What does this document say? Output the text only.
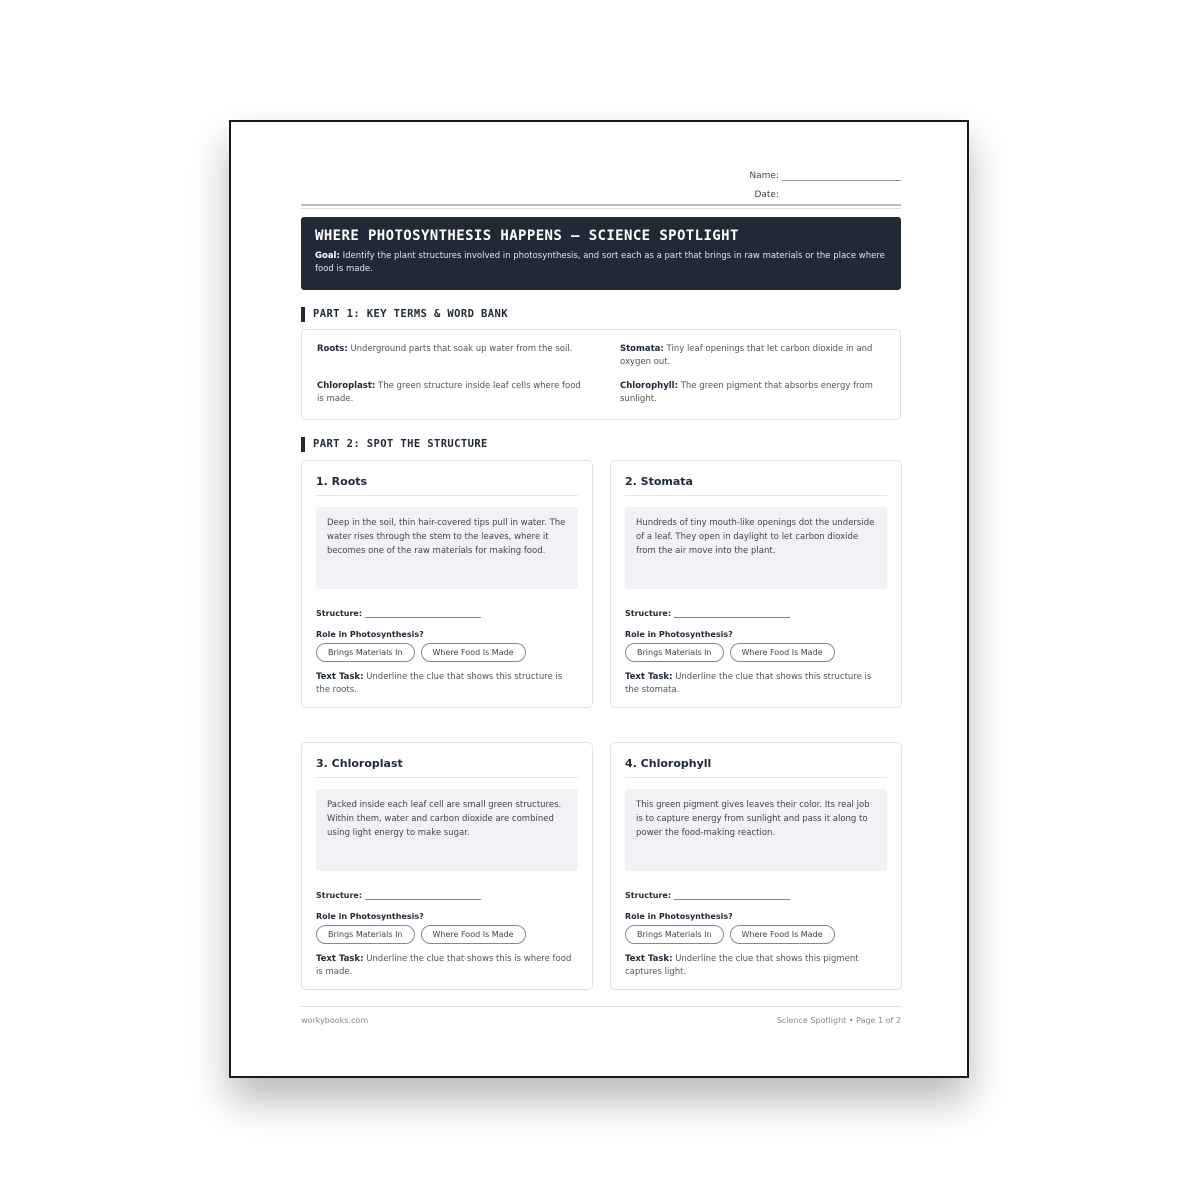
Name:
Date:
WHERE PHOTOSYNTHESIS HAPPENS — SCIENCE SPOTLIGHT
Goal: Identify the plant structures involved in photosynthesis, and sort each as a part that brings in raw materials or the place where food is made.
PART 1: KEY TERMS & WORD BANK
Roots: Underground parts that soak up water from the soil.	Stomata: Tiny leaf openings that let carbon dioxide in and oxygen out.
Chloroplast: The green structure inside leaf cells where food is made.
Chlorophyll: The green pigment that absorbs energy from sunlight.
PART 2: SPOT THE STRUCTURE
1. Roots
Deep in the soil, thin hair-covered tips pull in water. The water rises through the stem to the leaves, where it becomes one of the raw materials for making food.
Structure:
Role in Photosynthesis?
Brings Materials In	Where Food Is Made
Text Task: Underline the clue that shows this structure is the roots.
2. Stomata
Hundreds of tiny mouth-like openings dot the underside of a leaf. They open in daylight to let carbon dioxide from the air move into the plant.
Structure:
Role in Photosynthesis?
Brings Materials In	Where Food Is Made
Text Task: Underline the clue that shows this structure is the stomata.
3. Chloroplast
Packed inside each leaf cell are small green structures. Within them, water and carbon dioxide are combined using light energy to make sugar.
Structure:
Role in Photosynthesis?
Brings Materials In	Where Food Is Made
Text Task: Underline the clue that shows this is where food is made.
4. Chlorophyll
This green pigment gives leaves their color. Its real job is to capture energy from sunlight and pass it along to power the food-making reaction.
Structure:
Role in Photosynthesis?
Brings Materials In	Where Food Is Made
Text Task: Underline the clue that shows this pigment captures light.
workybooks.com	Science Spotlight • Page 1 of 2
